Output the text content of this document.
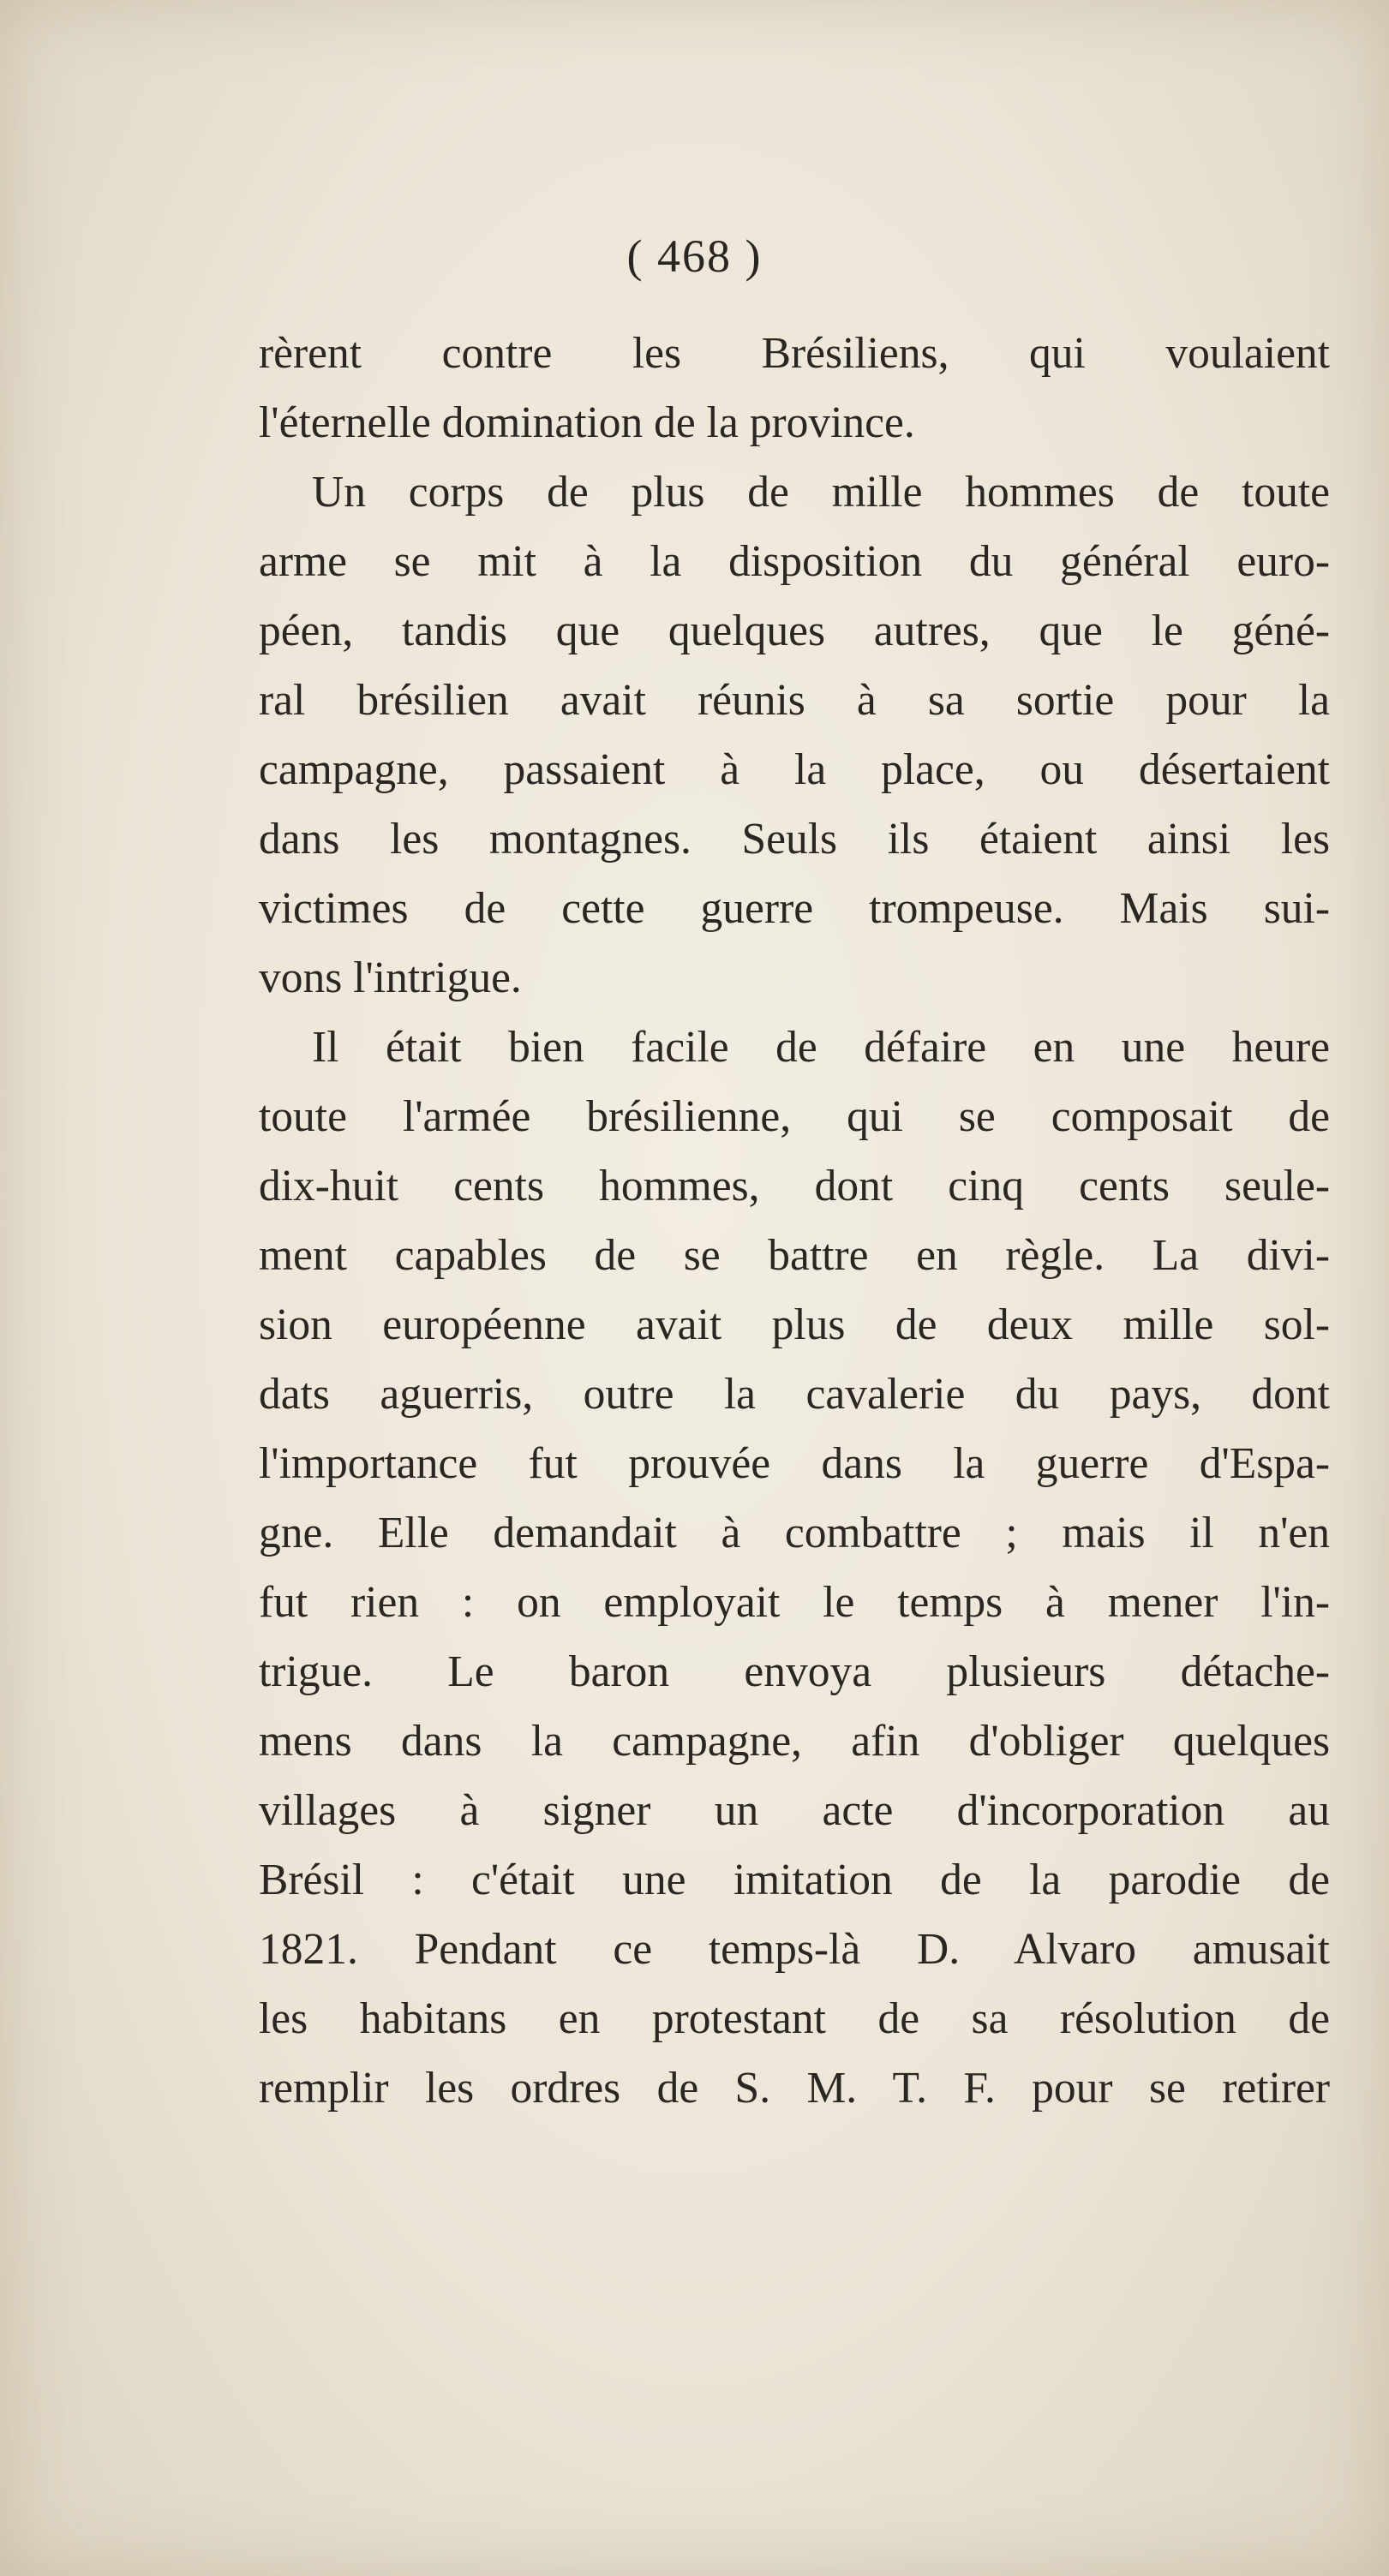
( 468 )
rèrent contre les Brésiliens, qui voulaient
l'éternelle domination de la province.
Un corps de plus de mille hommes de toute
arme se mit à la disposition du général euro-
péen, tandis que quelques autres, que le géné-
ral brésilien avait réunis à sa sortie pour la
campagne, passaient à la place, ou désertaient
dans les montagnes. Seuls ils étaient ainsi les
victimes de cette guerre trompeuse. Mais sui-
vons l'intrigue.
Il était bien facile de défaire en une heure
toute l'armée brésilienne, qui se composait de
dix-huit cents hommes, dont cinq cents seule-
ment capables de se battre en règle. La divi-
sion européenne avait plus de deux mille sol-
dats aguerris, outre la cavalerie du pays, dont
l'importance fut prouvée dans la guerre d'Espa-
gne. Elle demandait à combattre ; mais il n'en
fut rien : on employait le temps à mener l'in-
trigue. Le baron envoya plusieurs détache-
mens dans la campagne, afin d'obliger quelques
villages à signer un acte d'incorporation au
Brésil : c'était une imitation de la parodie de
1821. Pendant ce temps-là D. Alvaro amusait
les habitans en protestant de sa résolution de
remplir les ordres de S. M. T. F. pour se retirer
